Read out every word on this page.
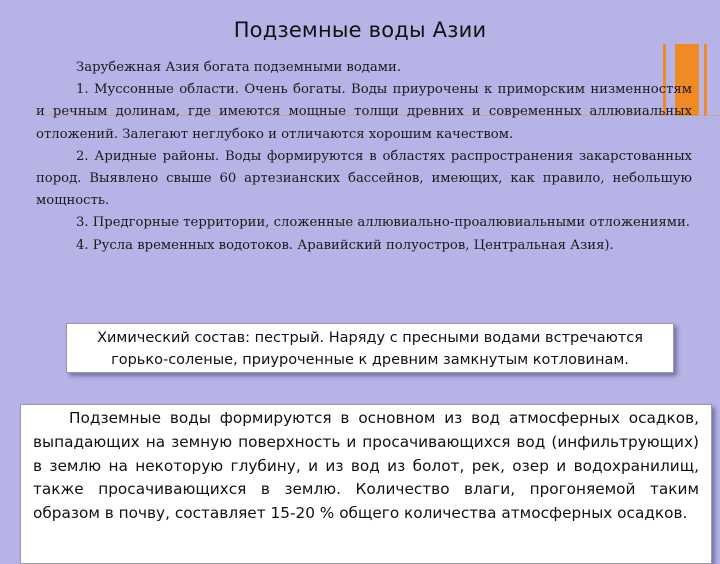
Подземные воды Азии

Зарубежная Азия богата подземными водами.

1. Муссонные области. Очень богаты. Воды приурочены к приморским низменностям и речным долинам, где имеются мощные толщи древних и современных аллювиальных отложений. Залегают неглубоко и отличаются хорошим качеством.

2. Аридные районы. Воды формируются в областях распространения закарстованных пород. Выявлено свыше 60 артезианских бассейнов, имеющих, как правило, небольшую мощность.

3. Предгорные территории, сложенные аллювиально-проалювиальными отложениями.

4. Русла временных водотоков. Аравийский полуостров, Центральная Азия).

Химический состав: пестрый. Наряду с пресными водами встречаются горько-соленые, приуроченные к древним замкнутым котловинам.

Подземные воды формируются в основном из вод атмосферных осадков, выпадающих на земную поверхность и просачивающихся вод (инфильтрующих) в землю на некоторую глубину, и из вод из болот, рек, озер и водохранилищ, также просачивающихся в землю. Количество влаги, прогоняемой таким образом в почву, составляет 15-20 % общего количества атмосферных осадков.
